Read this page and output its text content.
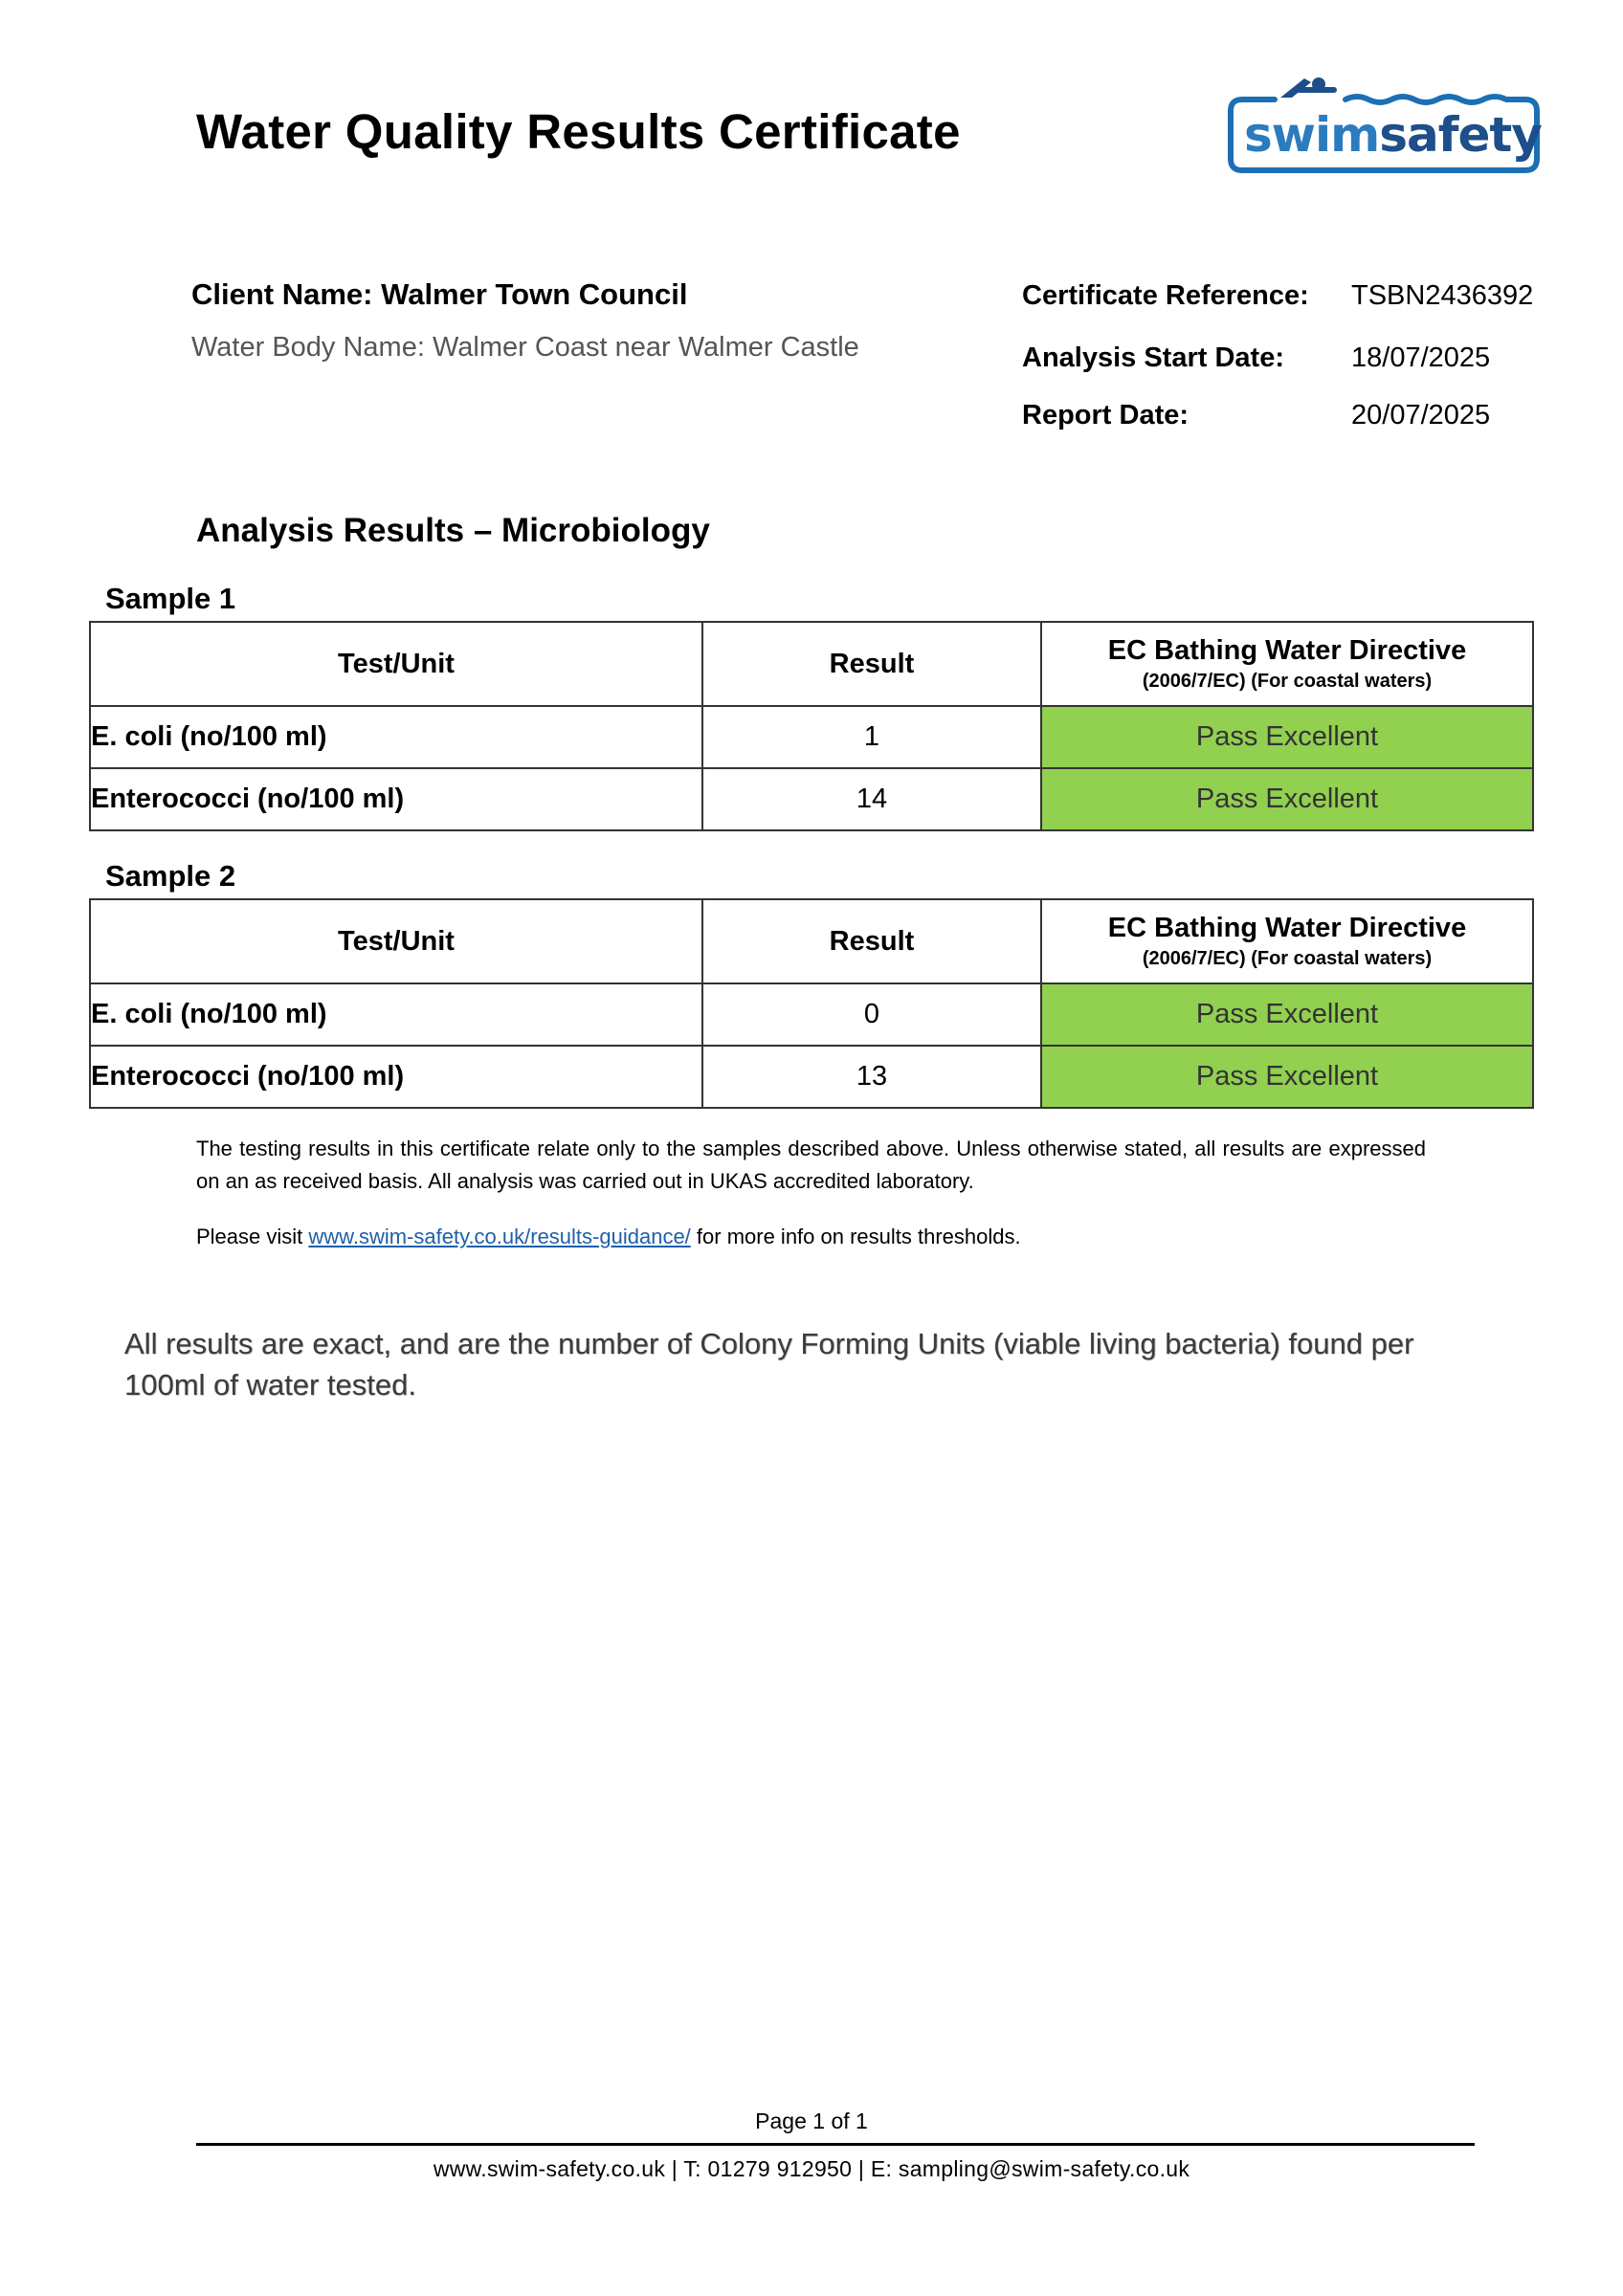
Water Quality Results Certificate	swimsafety
Client Name: Walmer Town Council
Water Body Name: Walmer Coast near Walmer Castle
Certificate Reference: TSBN2436392
Analysis Start Date: 18/07/2025
Report Date:	20/07/2025
Analysis Results – Microbiology
Sample 1
Test/Unit	Result	EC Bathing Water Directive
(2006/7/EC) (For coastal waters)

E. coli (no/100 ml)	1	Pass Excellent
Enterococci (no/100 ml)	14	Pass Excellent
Sample 2
Test/Unit	Result	EC Bathing Water Directive
(2006/7/EC) (For coastal waters)

E. coli (no/100 ml)	0	Pass Excellent
Enterococci (no/100 ml)	13	Pass Excellent
The testing results in this certificate relate only to the samples described above. Unless otherwise stated, all results are expressed on an as received basis. All analysis was carried out in UKAS accredited laboratory.
Please visit www.swim-safety.co.uk/results-guidance/ for more info on results thresholds.
All results are exact, and are the number of Colony Forming Units (viable living bacteria) found per 100ml of water tested.
Page 1 of 1
www.swim-safety.co.uk | T: 01279 912950 | E: sampling@swim-safety.co.uk
